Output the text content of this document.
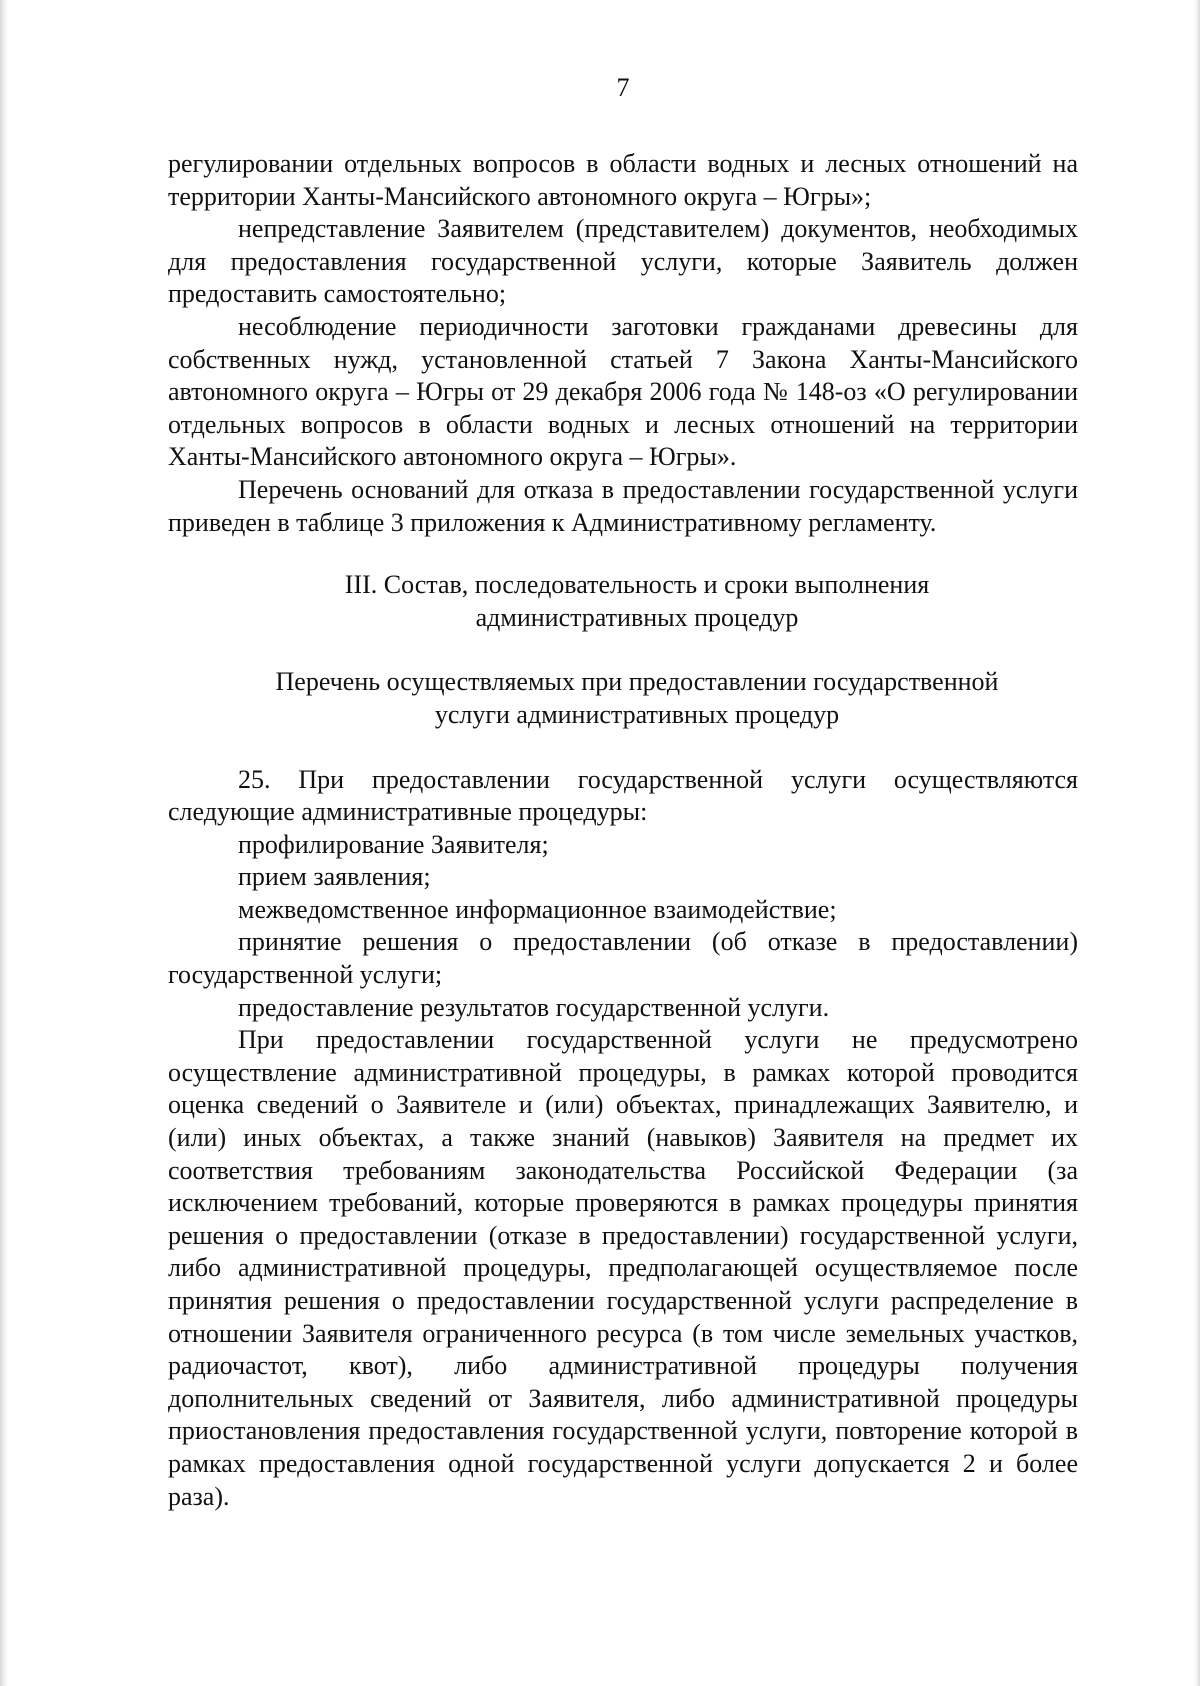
7

регулировании отдельных вопросов в области водных и лесных отношений на территории Ханты-Мансийского автономного округа – Югры»;

непредставление Заявителем (представителем) документов, необходимых для предоставления государственной услуги, которые Заявитель должен предоставить самостоятельно;

несоблюдение периодичности заготовки гражданами древесины для собственных нужд, установленной статьей 7 Закона Ханты-Мансийского автономного округа – Югры от 29 декабря 2006 года № 148-оз «О регулировании отдельных вопросов в области водных и лесных отношений на территории Ханты-Мансийского автономного округа – Югры».

Перечень оснований для отказа в предоставлении государственной услуги приведен в таблице 3 приложения к Административному регламенту.

III. Состав, последовательность и сроки выполнения
административных процедур
Перечень осуществляемых при предоставлении государственной
услуги административных процедур

25. При предоставлении государственной услуги осуществляются следующие административные процедуры:

профилирование Заявителя;

прием заявления;

межведомственное информационное взаимодействие;

принятие решения о предоставлении (об отказе в предоставлении) государственной услуги;

предоставление результатов государственной услуги.

При предоставлении государственной услуги не предусмотрено осуществление административной процедуры, в рамках которой проводится оценка сведений о Заявителе и (или) объектах, принадлежащих Заявителю, и (или) иных объектах, а также знаний (навыков) Заявителя на предмет их соответствия требованиям законодательства Российской Федерации (за исключением требований, которые проверяются в рамках процедуры принятия решения о предоставлении (отказе в предоставлении) государственной услуги, либо административной процедуры, предполагающей осуществляемое после принятия решения о предоставлении государственной услуги распределение в отношении Заявителя ограниченного ресурса (в том числе земельных участков, радиочастот, квот), либо административной процедуры получения дополнительных сведений от Заявителя, либо административной процедуры приостановления предоставления государственной услуги, повторение которой в рамках предоставления одной государственной услуги допускается 2 и более раза).
